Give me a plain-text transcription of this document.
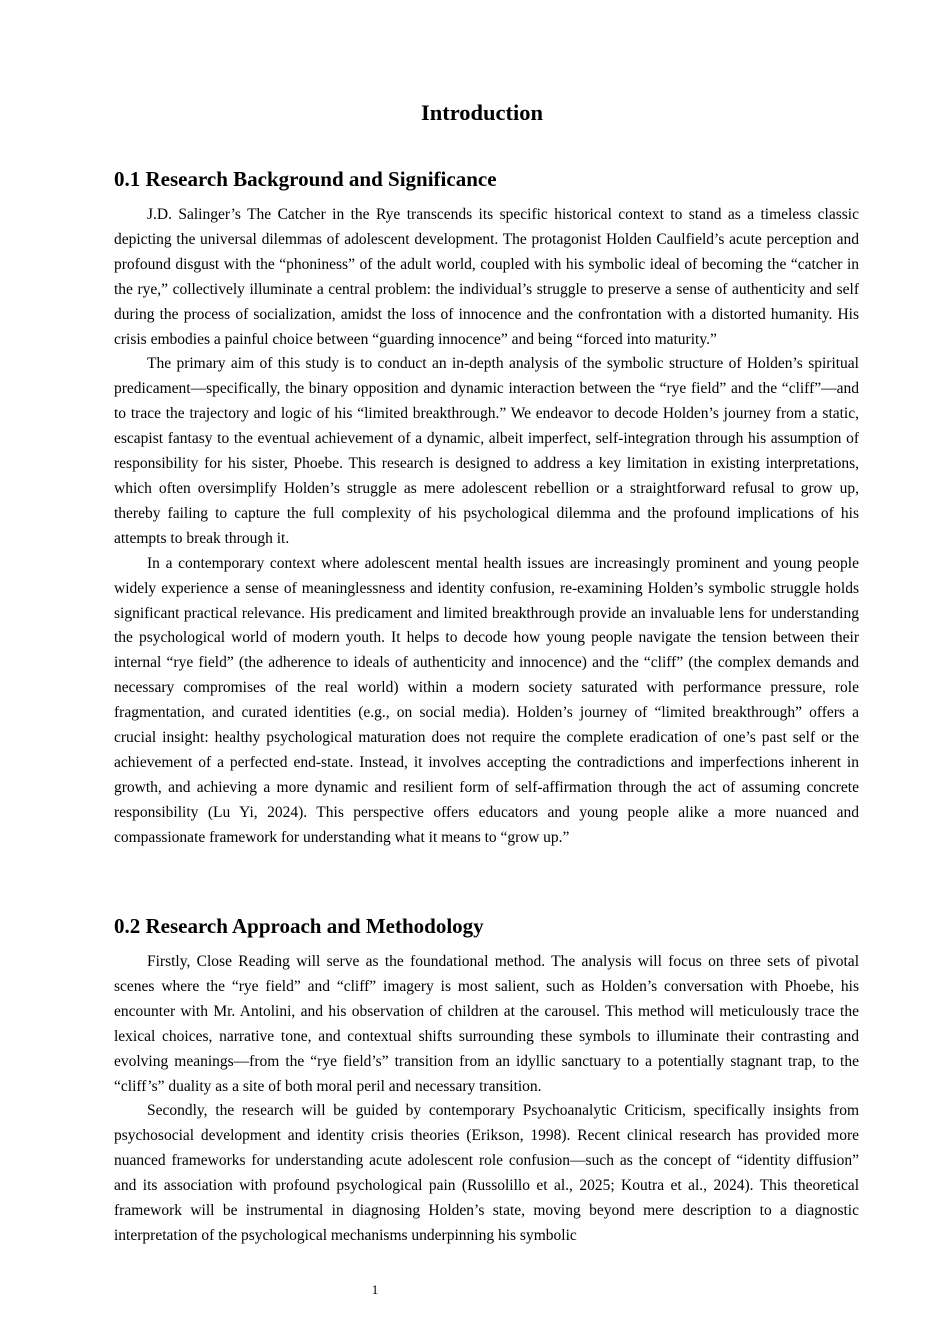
Introduction
0.1 Research Background and Significance

J.D. Salinger’s The Catcher in the Rye transcends its specific historical context to stand as a timeless classic depicting the universal dilemmas of adolescent development. The protagonist Holden Caulfield’s acute perception and profound disgust with the “phoniness” of the adult world, coupled with his symbolic ideal of becoming the “catcher in the rye,” collectively illuminate a central problem: the individual’s struggle to preserve a sense of authenticity and self during the process of socialization, amidst the loss of innocence and the confrontation with a distorted humanity. His crisis embodies a painful choice between “guarding innocence” and being “forced into maturity.”

The primary aim of this study is to conduct an in-depth analysis of the symbolic structure of Holden’s spiritual predicament—specifically, the binary opposition and dynamic interaction between the “rye field” and the “cliff”—and to trace the trajectory and logic of his “limited breakthrough.” We endeavor to decode Holden’s journey from a static, escapist fantasy to the eventual achievement of a dynamic, albeit imperfect, self-integration through his assumption of responsibility for his sister, Phoebe. This research is designed to address a key limitation in existing interpretations, which often oversimplify Holden’s struggle as mere adolescent rebellion or a straightforward refusal to grow up, thereby failing to capture the full complexity of his psychological dilemma and the profound implications of his attempts to break through it.

In a contemporary context where adolescent mental health issues are increasingly prominent and young people widely experience a sense of meaninglessness and identity confusion, re-examining Holden’s symbolic struggle holds significant practical relevance. His predicament and limited breakthrough provide an invaluable lens for understanding the psychological world of modern youth. It helps to decode how young people navigate the tension between their internal “rye field” (the adherence to ideals of authenticity and innocence) and the “cliff” (the complex demands and necessary compromises of the real world) within a modern society saturated with performance pressure, role fragmentation, and curated identities (e.g., on social media). Holden’s journey of “limited breakthrough” offers a crucial insight: healthy psychological maturation does not require the complete eradication of one’s past self or the achievement of a perfected end-state. Instead, it involves accepting the contradictions and imperfections inherent in growth, and achieving a more dynamic and resilient form of self-affirmation through the act of assuming concrete responsibility (Lu Yi, 2024). This perspective offers educators and young people alike a more nuanced and compassionate framework for understanding what it means to “grow up.”

0.2 Research Approach and Methodology

Firstly, Close Reading will serve as the foundational method. The analysis will focus on three sets of pivotal scenes where the “rye field” and “cliff” imagery is most salient, such as Holden’s conversation with Phoebe, his encounter with Mr. Antolini, and his observation of children at the carousel. This method will meticulously trace the lexical choices, narrative tone, and contextual shifts surrounding these symbols to illuminate their contrasting and evolving meanings—from the “rye field’s” transition from an idyllic sanctuary to a potentially stagnant trap, to the “cliff’s” duality as a site of both moral peril and necessary transition.

Secondly, the research will be guided by contemporary Psychoanalytic Criticism, specifically insights from psychosocial development and identity crisis theories (Erikson, 1998). Recent clinical research has provided more nuanced frameworks for understanding acute adolescent role confusion—such as the concept of “identity diffusion” and its association with profound psychological pain (Russolillo et al., 2025; Koutra et al., 2024). This theoretical framework will be instrumental in diagnosing Holden’s state, moving beyond mere description to a diagnostic interpretation of the psychological mechanisms underpinning his symbolic

1
